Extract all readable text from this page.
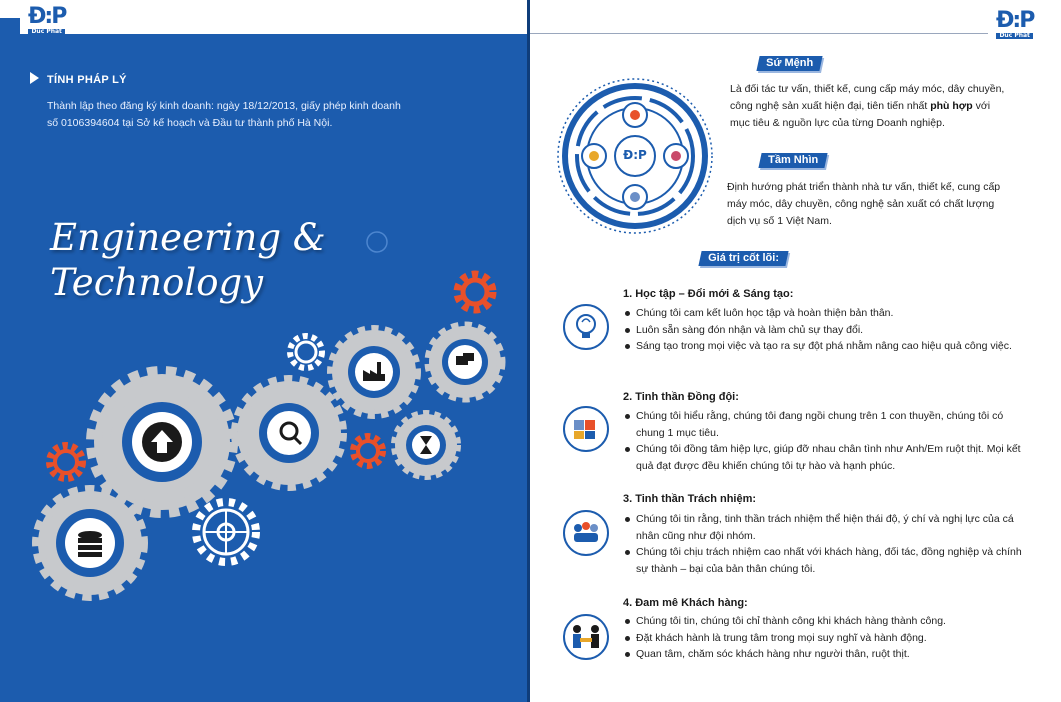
Đ:P
Duc Phat
TÍNH PHÁP LÝ
Thành lập theo đăng ký kinh doanh: ngày 18/12/2013, giấy phép kinh doanh
số 0106394604 tại Sở kế hoạch và Đầu tư thành phố Hà Nội.
Engineering &
Technology
Đ:P
Duc Phat
Đ:P
Sứ Mệnh
Là đối tác tư vấn, thiết kế, cung cấp máy móc, dây chuyền,
công nghệ sản xuất hiện đại, tiên tiến nhất phù hợp với
mục tiêu & nguồn lực của từng Doanh nghiệp.
Tầm Nhìn
Định hướng phát triển thành nhà tư vấn, thiết kế, cung cấp
máy móc, dây chuyền, công nghệ sản xuất có chất lượng
dịch vụ số 1 Việt Nam.
Giá trị cốt lõi:
1. Học tập – Đổi mới & Sáng tạo:
Chúng tôi cam kết luôn học tập và hoàn thiện bản thân.
Luôn sẵn sàng đón nhận và làm chủ sự thay đổi.
Sáng tạo trong mọi việc và tạo ra sự đột phá nhằm nâng cao hiệu quả công việc.
2. Tinh thần Đồng đội:
Chúng tôi hiểu rằng, chúng tôi đang ngồi chung trên 1 con thuyền, chúng tôi có chung 1 mục tiêu.
Chúng tôi đồng tâm hiệp lực, giúp đỡ nhau chân tình như Anh/Em ruột thịt. Mọi kết quả đạt được đều khiến chúng tôi tự hào và hạnh phúc.
3. Tinh thần Trách nhiệm:
Chúng tôi tin rằng, tinh thần trách nhiệm thể hiện thái độ, ý chí và nghị lực của cá nhân cũng như đội nhóm.
Chúng tôi chịu trách nhiệm cao nhất với khách hàng, đối tác, đồng nghiệp và chính sự thành – bại của bản thân chúng tôi.
4. Đam mê Khách hàng:
Chúng tôi tin, chúng tôi chỉ thành công khi khách hàng thành công.
Đặt khách hành là trung tâm trong mọi suy nghĩ và hành động.
Quan tâm, chăm sóc khách hàng như người thân, ruột thịt.
